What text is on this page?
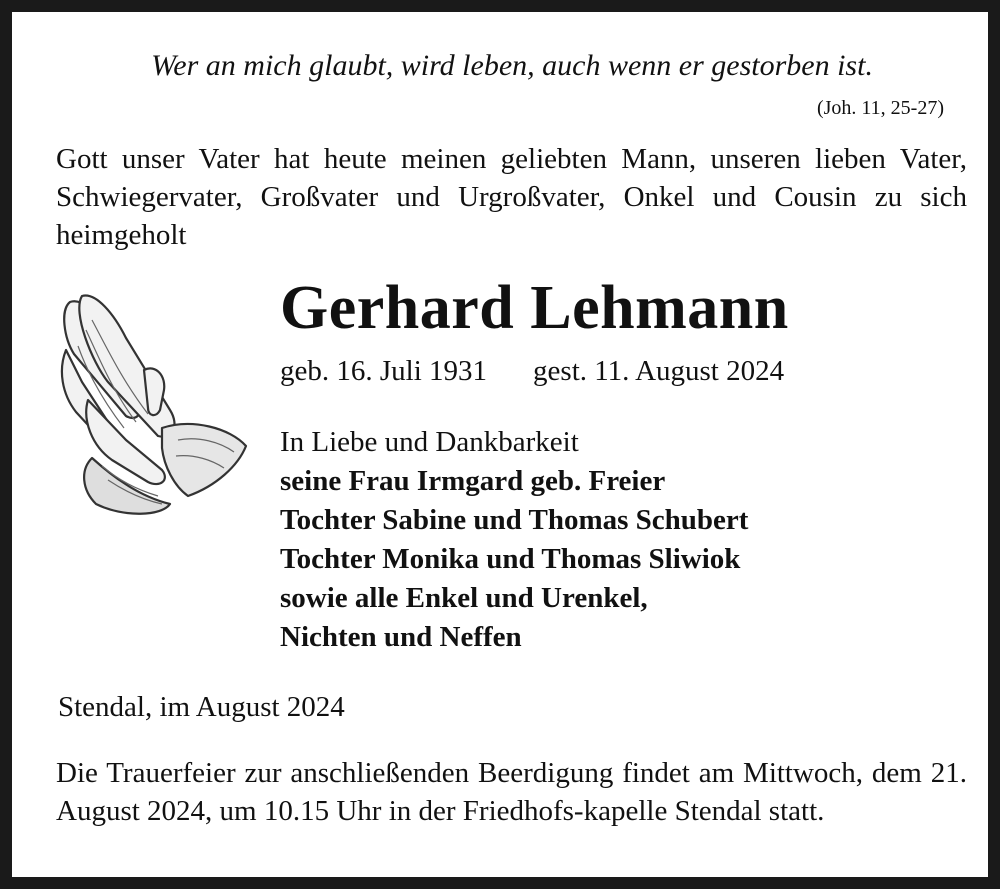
Wer an mich glaubt, wird leben, auch wenn er gestorben ist.

(Joh. 11, 25-27)

Gott unser Vater hat heute meinen geliebten Mann, unseren lieben Vater, Schwiegervater, Großvater und Urgroßvater, Onkel und Cousin zu sich heimgeholt

Gerhard Lehmann
geb. 16. Juli 1931 gest. 11. August 2024
In Liebe und Dankbarkeit
seine Frau Irmgard geb. Freier
Tochter Sabine und Thomas Schubert
Tochter Monika und Thomas Sliwiok
sowie alle Enkel und Urenkel,
Nichten und Neffen
Stendal, im August 2024

Die Trauerfeier zur anschließenden Beerdigung findet am Mittwoch, dem 21. August 2024, um 10.15 Uhr in der Friedhofs-kapelle Stendal statt.
